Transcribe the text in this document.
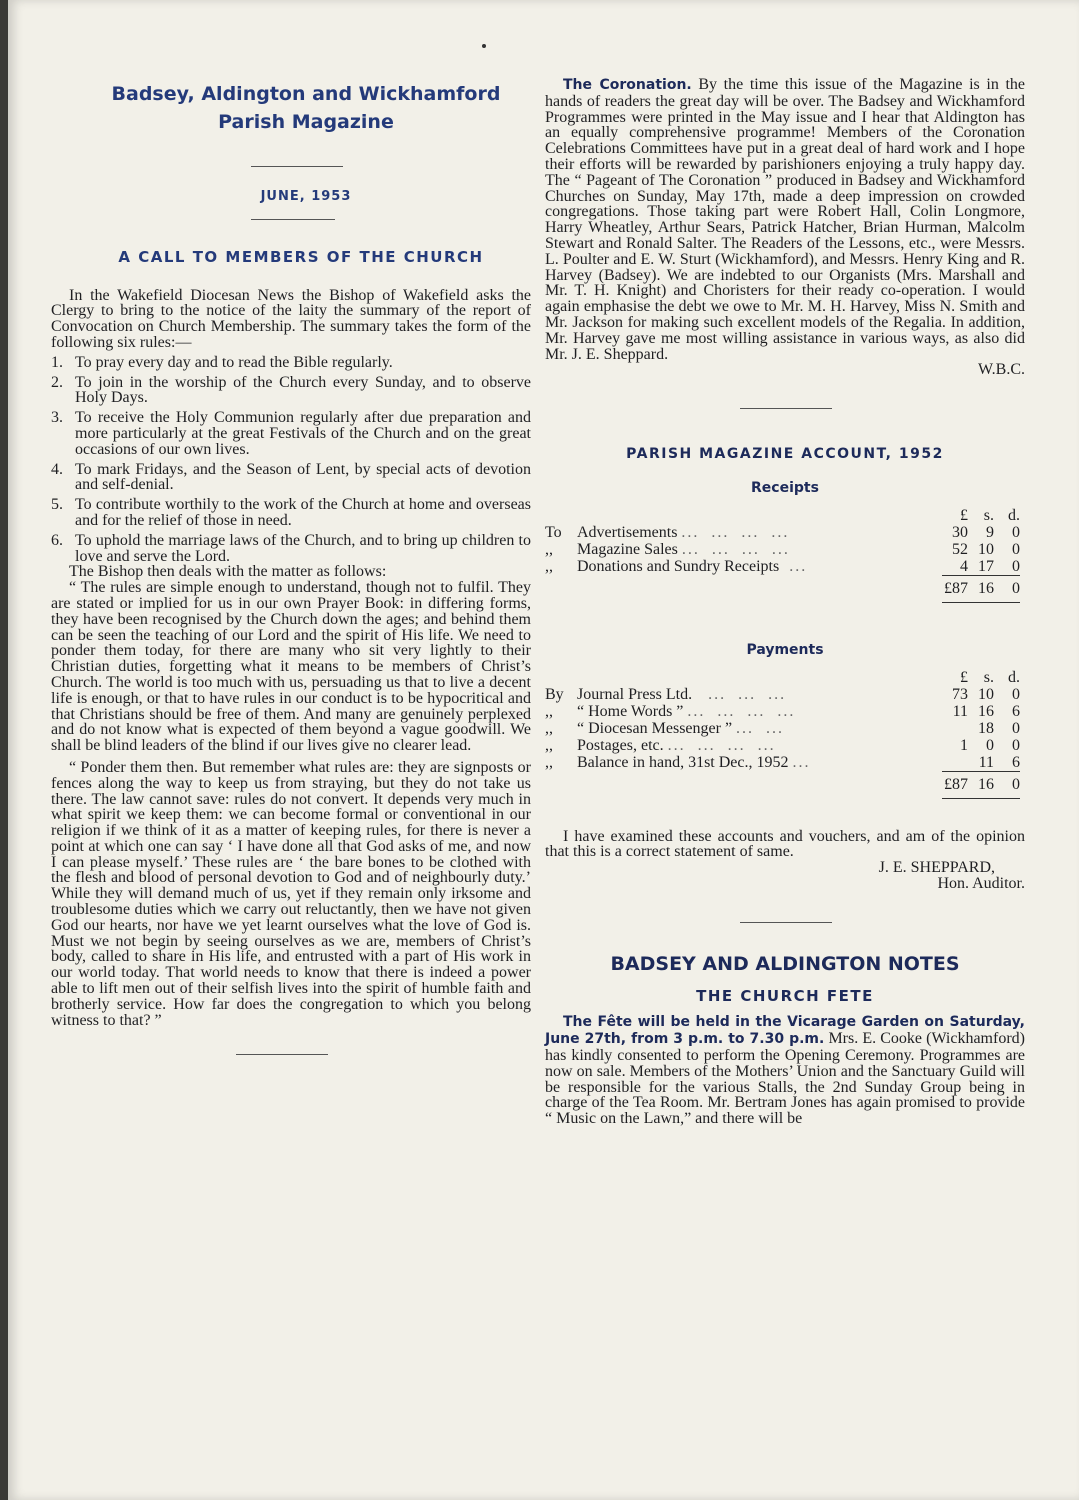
Badsey, Aldington and Wickhamford
Parish Magazine
JUNE, 1953
A CALL TO MEMBERS OF THE CHURCH

In the Wakefield Diocesan News the Bishop of Wakefield asks the Clergy to bring to the notice of the laity the summary of the report of Convocation on Church Membership. The summary takes the form of the following six rules:—

1. To pray every day and to read the Bible regularly.
2. To join in the worship of the Church every Sunday, and to observe Holy Days.
3. To receive the Holy Communion regularly after due preparation and more particularly at the great Festivals of the Church and on the great occasions of our own lives.
4. To mark Fridays, and the Season of Lent, by special acts of devotion and self-denial.
5. To contribute worthily to the work of the Church at home and overseas and for the relief of those in need.
6. To uphold the marriage laws of the Church, and to bring up children to love and serve the Lord.

The Bishop then deals with the matter as follows:

“ The rules are simple enough to understand, though not to fulfil. They are stated or implied for us in our own Prayer Book: in differing forms, they have been recognised by the Church down the ages; and behind them can be seen the teaching of our Lord and the spirit of His life. We need to ponder them today, for there are many who sit very lightly to their Christian duties, forgetting what it means to be members of Christ’s Church. The world is too much with us, persuading us that to live a decent life is enough, or that to have rules in our conduct is to be hypocritical and that Christians should be free of them. And many are genuinely perplexed and do not know what is expected of them beyond a vague goodwill. We shall be blind leaders of the blind if our lives give no clearer lead.

“ Ponder them then. But remember what rules are: they are signposts or fences along the way to keep us from straying, but they do not take us there. The law cannot save: rules do not convert. It depends very much in what spirit we keep them: we can become formal or conventional in our religion if we think of it as a matter of keeping rules, for there is never a point at which one can say ‘ I have done all that God asks of me, and now I can please myself.’ These rules are ‘ the bare bones to be clothed with the flesh and blood of personal devotion to God and of neighbourly duty.’ While they will demand much of us, yet if they remain only irksome and troublesome duties which we carry out reluctantly, then we have not given God our hearts, nor have we yet learnt ourselves what the love of God is. Must we not begin by seeing ourselves as we are, members of Christ’s body, called to share in His life, and entrusted with a part of His work in our world today. That world needs to know that there is indeed a power able to lift men out of their selfish lives into the spirit of humble faith and brotherly service. How far does the congregation to which you belong witness to that? ”

The Coronation. By the time this issue of the Magazine is in the hands of readers the great day will be over. The Badsey and Wickhamford Programmes were printed in the May issue and I hear that Aldington has an equally comprehensive programme! Members of the Coronation Celebrations Committees have put in a great deal of hard work and I hope their efforts will be rewarded by parishioners enjoying a truly happy day. The “ Pageant of The Coronation ” produced in Badsey and Wickhamford Churches on Sunday, May 17th, made a deep impression on crowded congregations. Those taking part were Robert Hall, Colin Longmore, Harry Wheatley, Arthur Sears, Patrick Hatcher, Brian Hurman, Malcolm Stewart and Ronald Salter. The Readers of the Lessons, etc., were Messrs. L. Poulter and E. W. Sturt (Wickhamford), and Messrs. Henry King and R. Harvey (Badsey). We are indebted to our Organists (Mrs. Marshall and Mr. T. H. Knight) and Choristers for their ready co-operation. I would again emphasise the debt we owe to Mr. M. H. Harvey, Miss N. Smith and Mr. Jackson for making such excellent models of the Regalia. In addition, Mr. Harvey gave me most willing assistance in various ways, as also did Mr. J. E. Sheppard.

W.B.C.
PARISH MAGAZINE ACCOUNT, 1952
Receipts
		£	s.	d.
To	Advertisements ...  ...  ...  ...	30	9	0
,,	Magazine Sales ...  ...  ...  ...	52	10	0
,,	Donations and Sundry Receipts  ...	4	17	0
		£87	16	0
Payments
		£	s.	d.
By	Journal Press Ltd.   ...  ...  ...	73	10	0
,,	“ Home Words ” ...  ...  ...  ...	11	16	6
,,	“ Diocesan Messenger ” ...  ...		18	0
,,	Postages, etc. ...  ...  ...  ...	1	0	0
,,	Balance in hand, 31st Dec., 1952 ...		11	6
		£87	16	0

I have examined these accounts and vouchers, and am of the opinion that this is a correct statement of same.

J. E. SHEPPARD,
Hon. Auditor.
BADSEY AND ALDINGTON NOTES
THE CHURCH FETE

The Fête will be held in the Vicarage Garden on Saturday, June 27th, from 3 p.m. to 7.30 p.m. Mrs. E. Cooke (Wickhamford) has kindly consented to perform the Opening Ceremony. Programmes are now on sale. Members of the Mothers’ Union and the Sanctuary Guild will be responsible for the various Stalls, the 2nd Sunday Group being in charge of the Tea Room. Mr. Bertram Jones has again promised to provide “ Music on the Lawn,” and there will be
